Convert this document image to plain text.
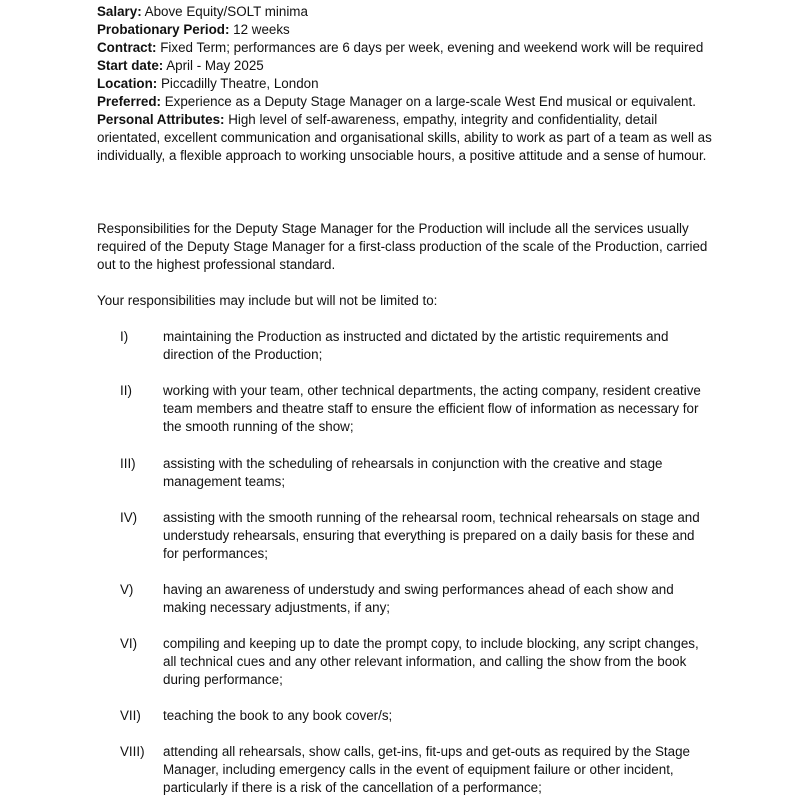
Salary: Above Equity/SOLT minima

Probationary Period: 12 weeks

Contract: Fixed Term; performances are 6 days per week, evening and weekend work will be required

Start date: April - May 2025

Location: Piccadilly Theatre, London

Preferred: Experience as a Deputy Stage Manager on a large-scale West End musical or equivalent.

Personal Attributes: High level of self-awareness, empathy, integrity and confidentiality, detail orientated, excellent communication and organisational skills, ability to work as part of a team as well as individually, a flexible approach to working unsociable hours, a positive attitude and a sense of humour.

Responsibilities for the Deputy Stage Manager for the Production will include all the services usually required of the Deputy Stage Manager for a first-class production of the scale of the Production, carried out to the highest professional standard.

Your responsibilities may include but will not be limited to:

I)	maintaining the Production as instructed and dictated by the artistic requirements and direction of the Production;
II) working with your team, other technical departments, the acting company, resident creative team members and theatre staff to ensure the efficient flow of information as necessary for the smooth running of the show;
III) assisting with the scheduling of rehearsals in conjunction with the creative and stage management teams;
IV) assisting with the smooth running of the rehearsal room, technical rehearsals on stage and understudy rehearsals, ensuring that everything is prepared on a daily basis for these and for performances;
V) having an awareness of understudy and swing performances ahead of each show and making necessary adjustments, if any;
VI) compiling and keeping up to date the prompt copy, to include blocking, any script changes, all technical cues and any other relevant information, and calling the show from the book during performance;
VII) teaching the book to any book cover/s;
VIII) attending all rehearsals, show calls, get-ins, fit-ups and get-outs as required by the Stage Manager, including emergency calls in the event of equipment failure or other incident, particularly if there is a risk of the cancellation of a performance;
